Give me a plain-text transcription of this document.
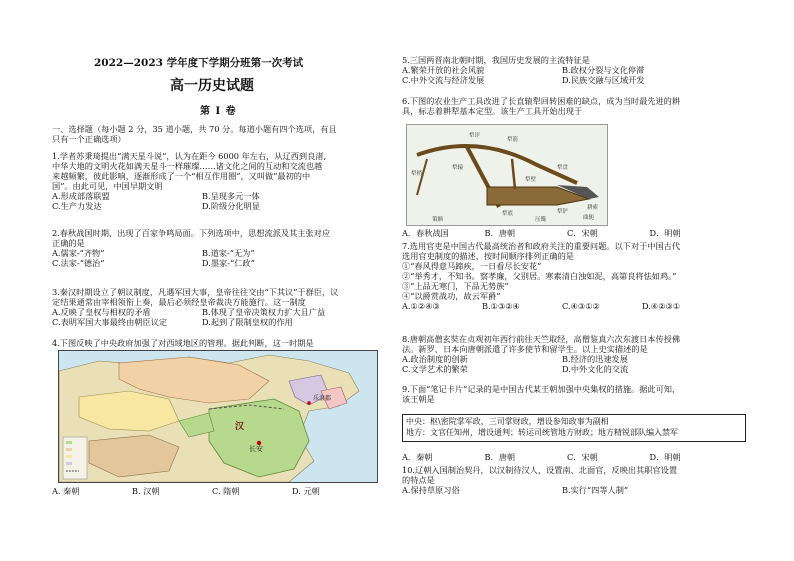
2022—2023 学年度下学期分班第一次考试
高一历史试题
第 I 卷
一、选择题（每小题 2 分，35 道小题，共 70 分。每道小题有四个选项，有且
只有一个正确选项）
1.学者苏秉琦提出“满天星斗说”，认为在距今 6000 年左右，从辽西到良渚,
中华大地的文明火花如满天星斗一样璀璨……诸文化之间的互动和交流也越
来越频繁，彼此影响，逐渐形成了一个“相互作用圈”，又叫做“最初的中
国”。由此可见，中国早期文明
A.形成部落联盟	B.呈现多元一体
C.生产力发达	D.阶级分化明显
2.春秋战国时期，出现了百家争鸣局面。下列选项中，思想流派及其主张对应
正确的是
A.儒家-“齐物”	B.道家-“无为”
C.法家-“德治”	D.墨家-“仁政”
3.秦汉时期设立了朝议制度，凡遇军国大事，皇帝往往交由“下其议”于群臣，议
定结果通常由宰相领衔上奏，最后必须经皇帝裁决方能施行。这一制度
A.反映了皇权与相权的矛盾	B.体现了皇帝决策权力扩大且广益
C.表明军国大事最终由朝臣议定	D.起到了限制皇权的作用
4.下图反映了中央政府加强了对西域地区的管理。据此判断，这一时期是
长安
乐浪郡
汉
A. 秦朝	B. 汉朝	C. 隋朝	D. 元朝
5.三国两晋南北朝时期，我国历史发展的主流特征是
A.繁荣开放的社会风貌	B.政权分裂与文化停滞
C.中外交流与经济发展	D.民族交融与区域开发
6.下图的农业生产工具改进了长直辕犁回转困难的缺点，成为当时最先进的耕
具，标志着耕犁基本定型。该生产工具开始出现于
犁评
犁箭
犁梢
犁辕	犁盘
犁底
犁壁
犁铲
耕索
策额	压镵	曲轭
A．春秋战国	B．唐朝	C．宋朝	D．明朝
7.选用官吏是中国古代最高统治者和政府关注的重要问题。以下对于中国古代
选用官吏制度的描述，按时间顺序排列正确的是
①“春风得意马蹄疾，一日看尽长安花”
②“举秀才，不知书。察孝廉，父别居。寒素清白浊如泥，高第良将怯如鸡。”
③“上品无寒门，下品无势族”
④“以爵赏战功，故云军爵”
A.①②④③	B.①③②④	C.④③①②	D.④②③①
8.唐朝高僧玄奘在贞观初年西行前往天竺取经，高僧鉴真六次东渡日本传授佛
法。新罗、日本向唐朝派遣了许多使节和留学生。以上史实描述的是
A.政治制度的创新	B.经济的迅速发展
C.文学艺术的繁荣	D.中外文化的交流
9.下面“笔记卡片”记录的是中国古代某王朝加强中央集权的措施。据此可知，
该王朝是
中央：枢\密院掌军政，三司掌财政，增设参知政事为副相
地方：文官任知州，增设通判；转运司统管地方财政；地方精锐部队编入禁军
A．秦朝	B．唐朝	C．宋朝	D．明朝
10.辽朝入国制治契丹，以汉制待汉人，设置南、北面官，反映出其职官设置
的特点是
A.保持草原习俗	B.实行“四等人制”
